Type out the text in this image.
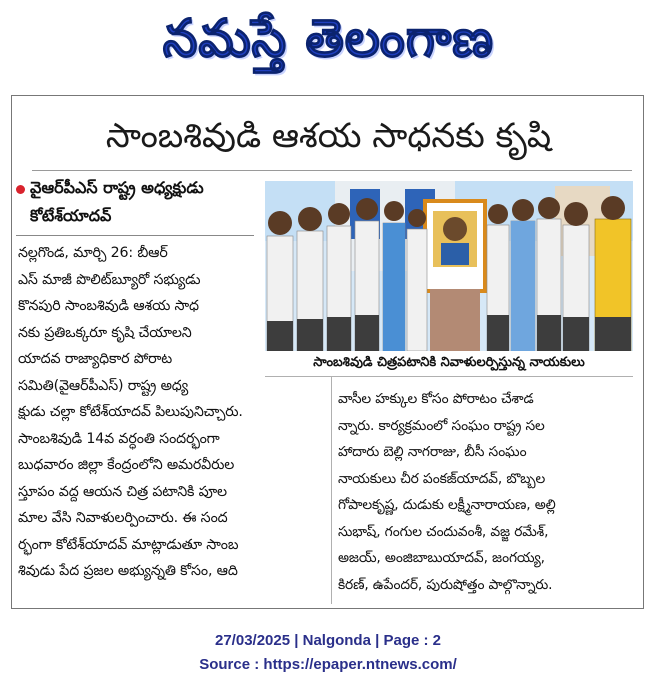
నమస్తే తెలంగాణ
సాంబశివుడి ఆశయ సాధనకు కృషి
వైఆర్‌పీఎస్‌ రాష్ట్ర అధ్యక్షుడు
కోటేశ్‌యాదవ్‌
సాంబశివుడి చిత్రపటానికి నివాళులర్పిస్తున్న నాయకులు
నల్లగొండ, మార్చి 26: బీఆర్‌
ఎస్‌ మాజీ పొలిట్‌బ్యూరో సభ్యుడు
కొనపురి సాంబశివుడి ఆశయ సాధ
నకు ప్రతిఒక్కరూ కృషి చేయాలని
యాదవ రాజ్యాధికార పోరాట
సమితి(వైఆర్‌పీఎస్‌) రాష్ట్ర అధ్య
క్షుడు చల్లా కోటేశ్‌యాదవ్‌ పిలుపునిచ్చారు.
సాంబశివుడి 14వ వర్ధంతి సందర్భంగా
బుధవారం జిల్లా కేంద్రంలోని అమరవీరుల
స్తూపం వద్ద ఆయన చిత్ర పటానికి పూల
మాల వేసి నివాళులర్పించారు. ఈ సంద
ర్భంగా కోటేశ్‌యాదవ్‌ మాట్లాడుతూ సాంబ
శివుడు పేద ప్రజల అభ్యున్నతి కోసం, ఆది
వాసీల హక్కుల కోసం పోరాటం చేశాడ
న్నారు. కార్యక్రమంలో సంఘం రాష్ట్ర సల
హాదారు బెల్లి నాగరాజు, బీసీ సంఘం
నాయకులు చీర పంకజ్‌యాదవ్‌, బొబ్బల
గోపాలకృష్ణ, దుడుకు లక్ష్మీనారాయణ, అల్లి
సుభాష్‌, గంగుల చందువంశీ, వజ్జ రమేశ్‌,
అజయ్‌, అంజిబాబుయాదవ్‌, జంగయ్య,
కిరణ్‌, ఉపేందర్‌, పురుషోత్తం పాల్గొన్నారు.
27/03/2025 | Nalgonda | Page : 2
Source : https://epaper.ntnews.com/
